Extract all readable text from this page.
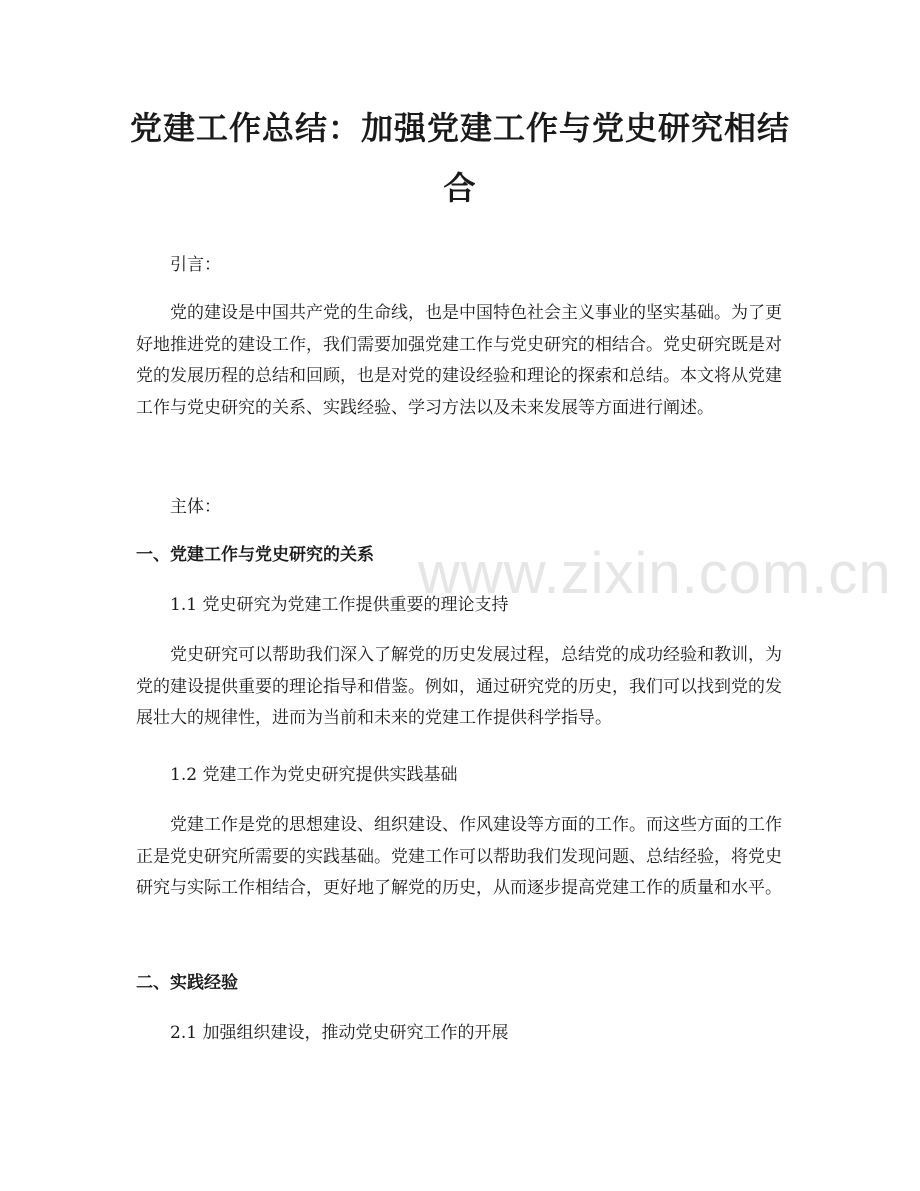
www.zixin.com.cn
党建工作总结：加强党建工作与党史研究相结合

引言：

党的建设是中国共产党的生命线，也是中国特色社会主义事业的坚实基础。为了更好地推进党的建设工作，我们需要加强党建工作与党史研究的相结合。党史研究既是对党的发展历程的总结和回顾，也是对党的建设经验和理论的探索和总结。本文将从党建工作与党史研究的关系、实践经验、学习方法以及未来发展等方面进行阐述。

主体：

一、党建工作与党史研究的关系

1.1 党史研究为党建工作提供重要的理论支持

党史研究可以帮助我们深入了解党的历史发展过程，总结党的成功经验和教训，为党的建设提供重要的理论指导和借鉴。例如，通过研究党的历史，我们可以找到党的发展壮大的规律性，进而为当前和未来的党建工作提供科学指导。

1.2 党建工作为党史研究提供实践基础

党建工作是党的思想建设、组织建设、作风建设等方面的工作。而这些方面的工作正是党史研究所需要的实践基础。党建工作可以帮助我们发现问题、总结经验，将党史研究与实际工作相结合，更好地了解党的历史，从而逐步提高党建工作的质量和水平。

二、实践经验

2.1 加强组织建设，推动党史研究工作的开展
